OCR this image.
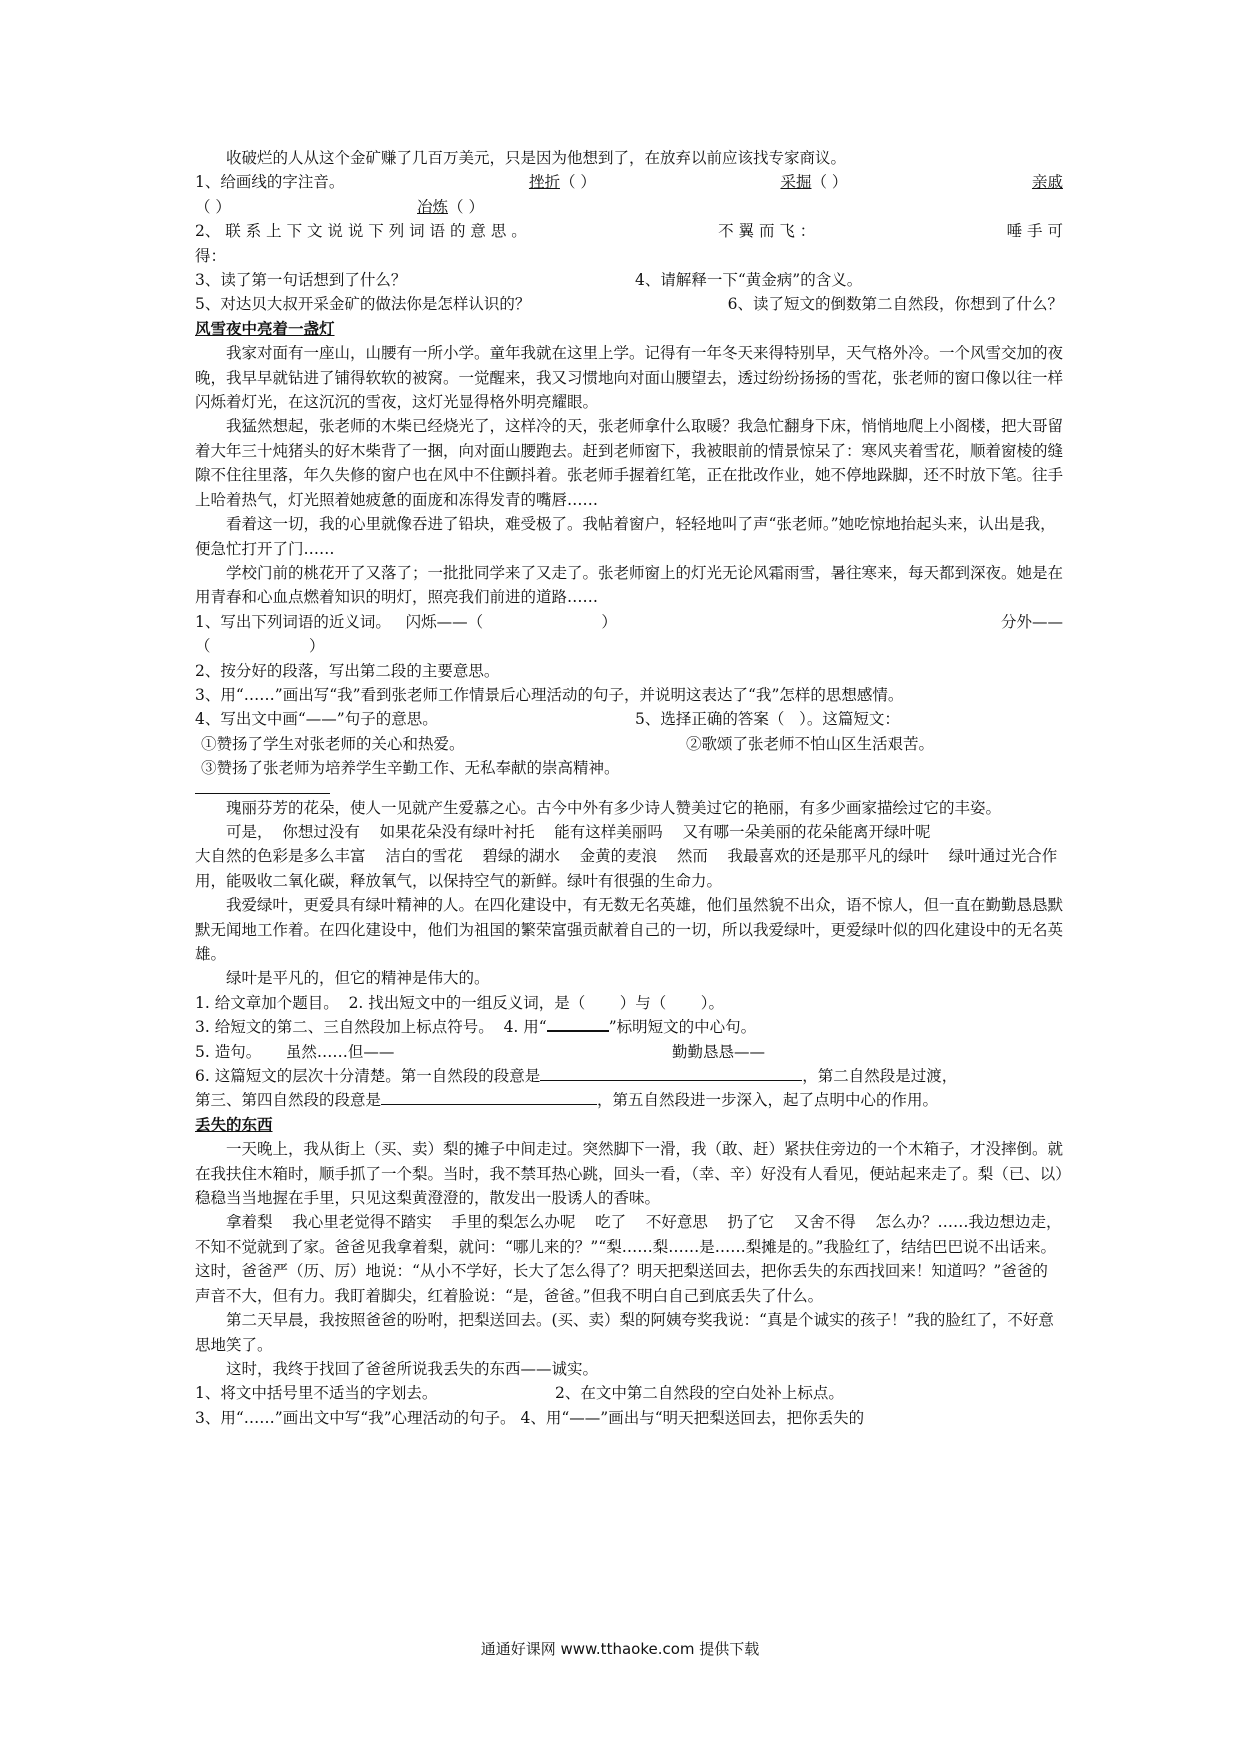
收破烂的人从这个金矿赚了几百万美元，只是因为他想到了，在放弃以前应该找专家商议。

1、给画线的字注音。	挫折（ ）	采掘（ ）	亲戚
（ ）	冶炼 （ ）
2、 联 系 上 下 文 说 说 下 列 词 语 的 意 思 。	不 翼 而 飞 ：	唾 手 可

得：

3、读了第一句话想到了什么？	4、请解释一下“黄金病”的含义。
5、对达贝大叔开采金矿的做法你是怎样认识的？	6、读了短文的倒数第二自然段，你想到了什么？

风雪夜中亮着一盏灯

我家对面有一座山，山腰有一所小学。童年我就在这里上学。记得有一年冬天来得特别早，天气格外冷。一个风雪交加的夜晚，我早早就钻进了铺得软软的被窝。一觉醒来，我又习惯地向对面山腰望去，透过纷纷扬扬的雪花，张老师的窗口像以往一样闪烁着灯光，在这沉沉的雪夜，这灯光显得格外明亮耀眼。

我猛然想起，张老师的木柴已经烧光了，这样冷的天，张老师拿什么取暖？我急忙翻身下床，悄悄地爬上小阁楼，把大哥留着大年三十炖猪头的好木柴背了一捆，向对面山腰跑去。赶到老师窗下，我被眼前的情景惊呆了：寒风夹着雪花，顺着窗棱的缝隙不住往里落，年久失修的窗户也在风中不住颤抖着。张老师手握着红笔，正在批改作业，她不停地跺脚，还不时放下笔。往手上哈着热气，灯光照着她疲惫的面庞和冻得发青的嘴唇……

看着这一切，我的心里就像吞进了铅块，难受极了。我帖着窗户，轻轻地叫了声“张老师。”她吃惊地抬起头来，认出是我，便急忙打开了门……

学校门前的桃花开了又落了；一批批同学来了又走了。张老师窗上的灯光无论风霜雨雪，暑往寒来，每天都到深夜。她是在用青春和心血点燃着知识的明灯，照亮我们前进的道路……

1、写出下列词语的近义词。   闪烁——（                        ）	分外——

（                    ）

2、按分好的段落，写出第二段的主要意思。

3、用“……”画出写“我”看到张老师工作情景后心理活动的句子，并说明这表达了“我”怎样的思想感情。

4、写出文中画“——”句子的意思。	5、选择正确的答案（   ）。这篇短文：
①赞扬了学生对张老师的关心和热爱。	②歌颂了张老师不怕山区生活艰苦。

③赞扬了张老师为培养学生辛勤工作、无私奉献的崇高精神。

瑰丽芬芳的花朵，使人一见就产生爱慕之心。古今中外有多少诗人赞美过它的艳丽，有多少画家描绘过它的丰姿。

可是，  你想过没有    如果花朵没有绿叶衬托    能有这样美丽吗    又有哪一朵美丽的花朵能离开绿叶呢

大自然的色彩是多么丰富    洁白的雪花    碧绿的湖水    金黄的麦浪    然而    我最喜欢的还是那平凡的绿叶    绿叶通过光合作用，能吸收二氧化碳，释放氧气，以保持空气的新鲜。绿叶有很强的生命力。

我爱绿叶，更爱具有绿叶精神的人。在四化建设中，有无数无名英雄，他们虽然貌不出众，语不惊人，但一直在勤勤恳恳默默无闻地工作着。在四化建设中，他们为祖国的繁荣富强贡献着自己的一切，所以我爱绿叶，更爱绿叶似的四化建设中的无名英雄。

绿叶是平凡的，但它的精神是伟大的。

1. 给文章加个题目。  2. 找出短文中的一组反义词，是（       ）与（       ）。

3. 给短文的第二、三自然段加上标点符号。  4. 用“	”标明短文的中心句。

5. 造句。     虽然……但——	勤勤恳恳——

6. 这篇短文的层次十分清楚。第一自然段的段意是	，第二自然段是过渡，

第三、第四自然段的段意是	，第五自然段进一步深入，起了点明中心的作用。

丢失的东西

一天晚上，我从街上（买、卖）梨的摊子中间走过。突然脚下一滑，我（敢、赶）紧扶住旁边的一个木箱子，才没摔倒。就在我扶住木箱时，顺手抓了一个梨。当时，我不禁耳热心跳，回头一看，（幸、辛）好没有人看见，便站起来走了。梨（已、以）稳稳当当地握在手里，只见这梨黄澄澄的，散发出一股诱人的香味。

拿着梨    我心里老觉得不踏实    手里的梨怎么办呢    吃了    不好意思    扔了它    又舍不得    怎么办？……我边想边走，不知不觉就到了家。爸爸见我拿着梨，就问：“哪儿来的？”“梨……梨……是……梨摊是的。”我脸红了，结结巴巴说不出话来。这时，爸爸严（历、厉）地说：“从小不学好，长大了怎么得了？明天把梨送回去，把你丢失的东西找回来！知道吗？”爸爸的声音不大，但有力。我盯着脚尖，红着脸说：“是，爸爸。”但我不明白自己到底丢失了什么。

第二天早晨，我按照爸爸的吩咐，把梨送回去。(买、卖）梨的阿姨夸奖我说：“真是个诚实的孩子！”我的脸红了，不好意思地笑了。

这时，我终于找回了爸爸所说我丢失的东西——诚实。

1、将文中括号里不适当的字划去。	2、在文中第二自然段的空白处补上标点。

3、用“……”画出文中写“我”心理活动的句子。 4、用“——”画出与“明天把梨送回去，把你丢失的

通通好课网 www.tthaoke.com 提供下载
